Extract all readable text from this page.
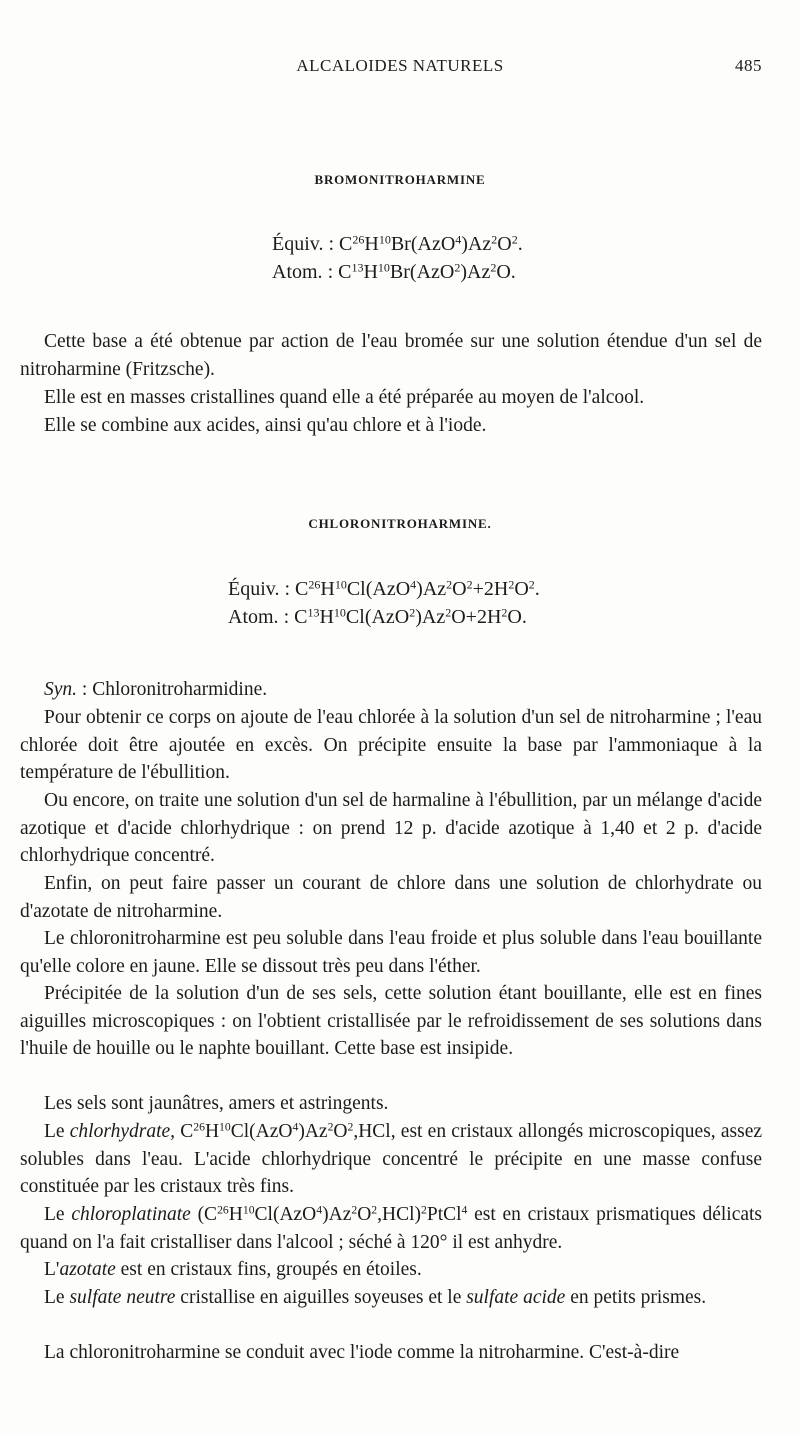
ALCALOIDES NATURELS	485
BROMONITROHARMINE
Équiv. : $C^{26}H^{10}Br(AzO^4)Az^2O^2$.
Atom. : $C^{13}H^{10}Br(AzO^2)Az^2O$.
Cette base a été obtenue par action de l'eau bromée sur une solution étendue d'un sel de nitroharmine (Fritzsche).
Elle est en masses cristallines quand elle a été préparée au moyen de l'alcool.
Elle se combine aux acides, ainsi qu'au chlore et à l'iode.
CHLORONITROHARMINE.
Équiv. : $C^{26}H^{10}Cl(AzO^4)Az^2O^2+2H^2O^2$.
Atom. : $C^{13}H^{10}Cl(AzO^2)Az^2O+2H^2O$.
Syn. : Chloronitroharmidine.
Pour obtenir ce corps on ajoute de l'eau chlorée à la solution d'un sel de nitroharmine ; l'eau chlorée doit être ajoutée en excès. On précipite ensuite la base par l'ammoniaque à la température de l'ébullition.
Ou encore, on traite une solution d'un sel de harmaline à l'ébullition, par un mélange d'acide azotique et d'acide chlorhydrique : on prend 12 p. d'acide azotique à 1,40 et 2 p. d'acide chlorhydrique concentré.
Enfin, on peut faire passer un courant de chlore dans une solution de chlorhydrate ou d'azotate de nitroharmine.
Le chloronitroharmine est peu soluble dans l'eau froide et plus soluble dans l'eau bouillante qu'elle colore en jaune. Elle se dissout très peu dans l'éther.
Précipitée de la solution d'un de ses sels, cette solution étant bouillante, elle est en fines aiguilles microscopiques : on l'obtient cristallisée par le refroidissement de ses solutions dans l'huile de houille ou le naphte bouillant. Cette base est insipide.
Les sels sont jaunâtres, amers et astringents.
Le chlorhydrate, $C^{26}H^{10}Cl(AzO^4)Az^2O^2,HCl$, est en cristaux allongés microscopiques, assez solubles dans l'eau. L'acide chlorhydrique concentré le précipite en une masse confuse constituée par les cristaux très fins.
Le chloroplatinate $(C^{26}H^{10}Cl(AzO^4)Az^2O^2,HCl)^2PtCl^4$ est en cristaux prismatiques délicats quand on l'a fait cristalliser dans l'alcool ; séché à 120° il est anhydre.
L'azotate est en cristaux fins, groupés en étoiles.
Le sulfate neutre cristallise en aiguilles soyeuses et le sulfate acide en petits prismes.
La chloronitroharmine se conduit avec l'iode comme la nitroharmine. C'est-à-dire
